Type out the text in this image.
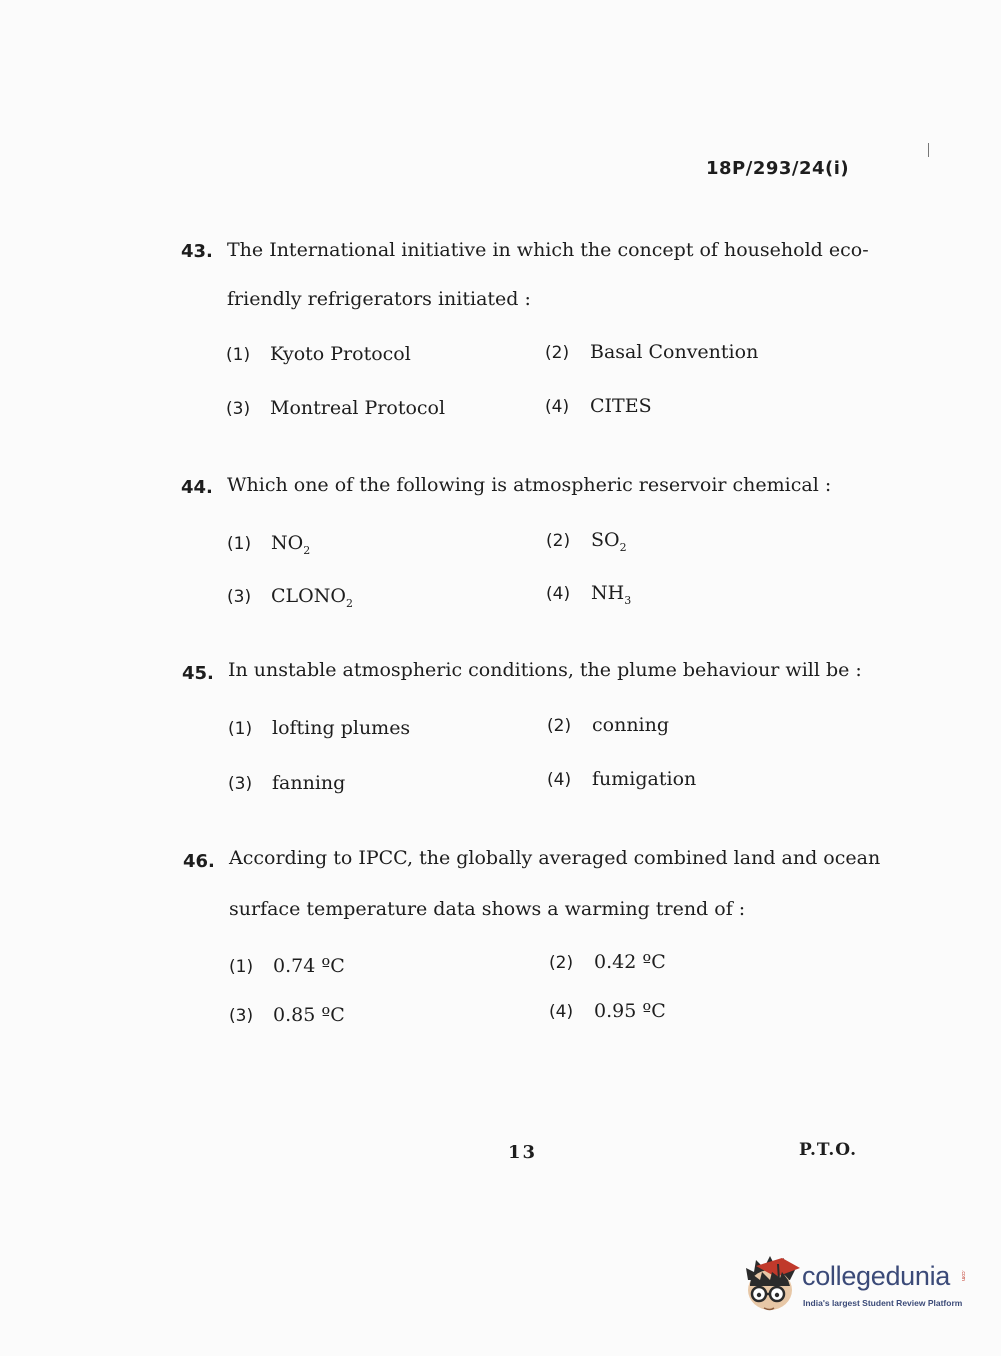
18P/293/24(i)
43. The International initiative in which the concept of household eco-
friendly refrigerators initiated :
(1) Kyoto Protocol	(2) Basal Convention
(3) Montreal Protocol	(4) CITES
44. Which one of the following is atmospheric reservoir chemical :
(1) $NO_2$	(2) $SO_2$
(3) $CLONO_2$	(4) $NH_3$
45. In unstable atmospheric conditions, the plume behaviour will be :
(1) lofting plumes	(2) conning
(3) fanning	(4) fumigation
46. According to IPCC, the globally averaged combined land and ocean
surface temperature data shows a warming trend of :
(1) 0.74 ºC	(2) 0.42 ºC
(3) 0.85 ºC	(4) 0.95 ºC
13	P.T.O.
collegedunia .com
India's largest Student Review Platform
